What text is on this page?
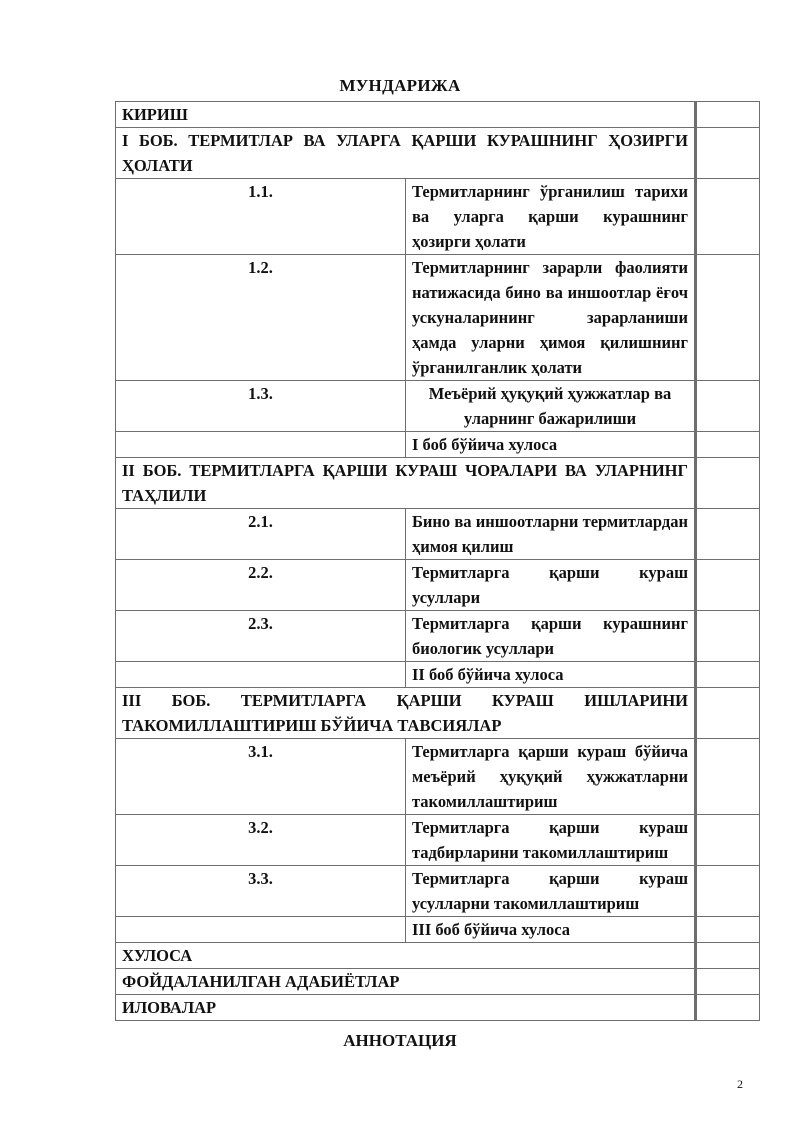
МУНДАРИЖА
КИРИШ		
I БОБ. ТЕРМИТЛАР ВА УЛАРГА ҚАРШИ КУРАШНИНГ ҲОЗИРГИ ҲОЛАТИ		
1.1.	Термитларнинг ўрганилиш тарихи ва уларга қарши курашнинг ҳозирги ҳолати	
1.2.	Термитларнинг зарарли фаолияти натижасида бино ва иншоотлар ёғоч ускуналарининг зарарланиши ҳамда уларни ҳимоя қилишнинг ўрганилганлик ҳолати	
1.3.	Меъёрий ҳуқуқий ҳужжатлар ва уларнинг бажарилиши	
	I боб бўйича хулоса	
II БОБ. ТЕРМИТЛАРГА ҚАРШИ КУРАШ ЧОРАЛАРИ ВА УЛАРНИНГ ТАҲЛИЛИ		
2.1.	Бино ва иншоотларни термитлардан ҳимоя қилиш	
2.2.	Термитларга қарши кураш усуллари	
2.3.	Термитларга қарши курашнинг биологик усуллари	
	II боб бўйича хулоса	
III БОБ. ТЕРМИТЛАРГА ҚАРШИ КУРАШ ИШЛАРИНИ ТАКОМИЛЛАШТИРИШ БЎЙИЧА ТАВСИЯЛАР		
3.1.	Термитларга қарши кураш бўйича меъёрий ҳуқуқий ҳужжатларни такомиллаштириш	
3.2.	Термитларга қарши кураш тадбирларини такомиллаштириш	
3.3.	Термитларга қарши кураш усулларни такомиллаштириш	
	III боб бўйича хулоса	
ХУЛОСА		
ФОЙДАЛАНИЛГАН АДАБИЁТЛАР		
ИЛОВАЛАР		
АННОТАЦИЯ
2
